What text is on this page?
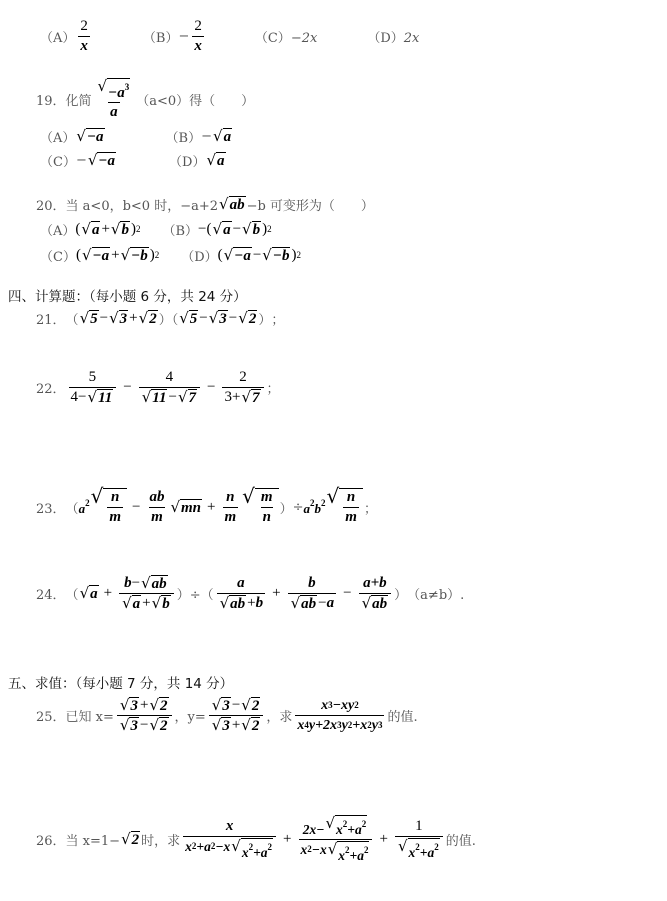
$(A) \frac{2}{x}$	$(B) - \frac{2}{x}$	（C）−2x	（D）2x
19．化简 $\frac{√ -a^3}{a} (a<0)$得（　　）
（A） √ −a	（B） − √ a
（C） − √ −a	（D） √ a
20．当 a<0，b<0 时，−a+2 √ ab −b 可变形为（　　）
（A） ( √ a + √ b ) 2 （B） − ( √ a − √ b ) 2
（C） ( √ −a + √ −b ) 2 （D） ( √ −a − √ −b ) 2
四、计算题：（每小题 6 分，共 24 分）
21． （ √ 5 − √ 3 + √ 2 ）（ √ 5 − √ 3 − √ 2 ） ；
22． $\frac{5}{4- √ 11} - \frac{4}{√ 11 - √ 7} - \frac{2}{3+ √ 7}$ ；
23． （ $a^2$ √ $\frac{n}{m} - \frac{ab}{m}$ √ mn + $\frac{n}{m}$ √ $\frac{m}{n}$ ） ÷ $a^2b^2$ √ $\frac{n}{m}$ ；
24． （ √ $a + \frac{b - √ ab}{√ a + √ b}$ ）÷（ $\frac{a}{√ ab + b} + \frac{b}{√ ab - a} - \frac{a+b}{√ ab}$ ） （a≠b）.
五、求值：（每小题 7 分，共 14 分）
25．已知 $x= \frac{√ 3 + √ 2}{√ 3 - √ 2}$ ，$y= \frac{√ 3 - √ 2}{√ 3 + √ 2}$ ，求 $\frac{x 3 -xy 2}{x 4 y+2x 3 y 2 +x 2 y 3}$ 的值.
26．当 x=1− √ 2 时，求 $\frac{x}{x 2 +a 2 -x √ x^2+a^2} + \frac{2x- √ x^2+a^2}{x 2 -x √ x^2+a^2} + \frac{1}{√ x^2+a^2}$ 的值.
